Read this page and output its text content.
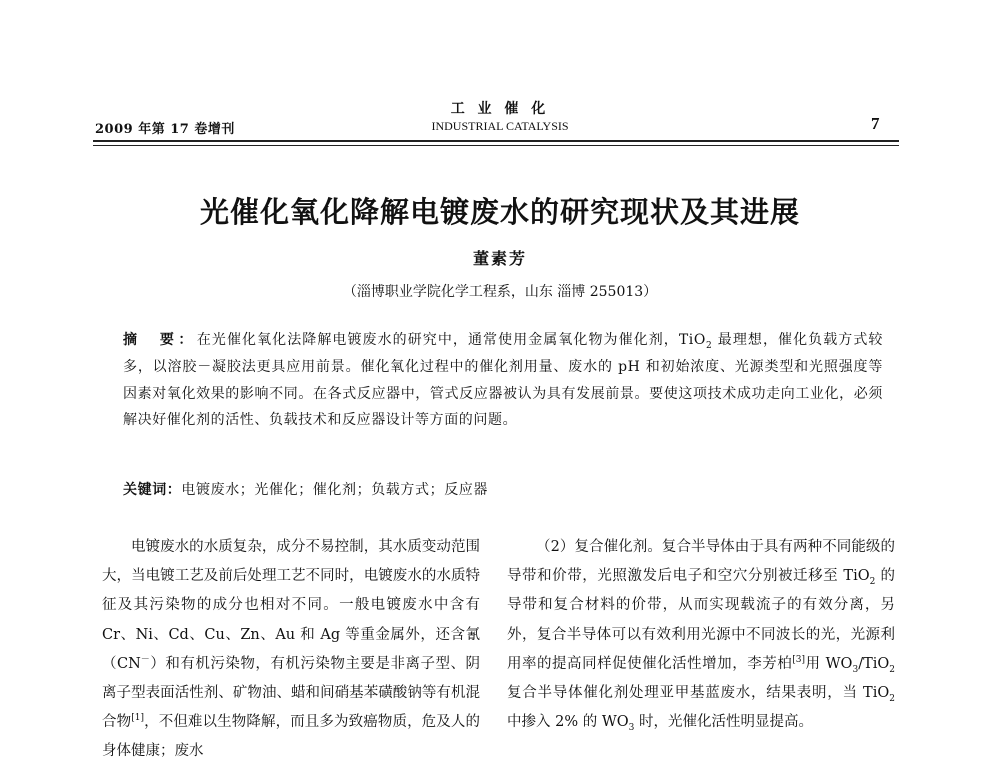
2009 年第 17 卷增刊
工 业 催 化
INDUSTRIAL CATALYSIS	7
光催化氧化降解电镀废水的研究现状及其进展
董素芳
（淄博职业学院化学工程系，山东 淄博 255013）
摘　要：在光催化氧化法降解电镀废水的研究中，通常使用金属氧化物为催化剂，TiO$_2$ 最理想，催化负载方式较多，以溶胶－凝胶法更具应用前景。催化氧化过程中的催化剂用量、废水的 pH 和初始浓度、光源类型和光照强度等因素对氧化效果的影响不同。在各式反应器中，管式反应器被认为具有发展前景。要使这项技术成功走向工业化，必须解决好催化剂的活性、负载技术和反应器设计等方面的问题。
关键词：电镀废水；光催化；催化剂；负载方式；反应器

电镀废水的水质复杂，成分不易控制，其水质变动范围大，当电镀工艺及前后处理工艺不同时，电镀废水的水质特征及其污染物的成分也相对不同。一般电镀废水中含有 Cr、Ni、Cd、Cu、Zn、Au 和 Ag 等重金属外，还含氰（CN－）和有机污染物，有机污染物主要是非离子型、阴离子型表面活性剂、矿物油、蜡和间硝基苯磺酸钠等有机混合物[1]，不但难以生物降解，而且多为致癌物质，危及人的身体健康；废水

（2）复合催化剂。复合半导体由于具有两种不同能级的导带和价带，光照激发后电子和空穴分别被迁移至 TiO$_2$ 的导带和复合材料的价带，从而实现载流子的有效分离，另外，复合半导体可以有效利用光源中不同波长的光，光源利用率的提高同样促使催化活性增加，李芳柏[3]用 $WO_3/TiO_2$ 复合半导体催化剂处理亚甲基蓝废水，结果表明，当 TiO$_2$ 中掺入 2% 的 $WO_3$ 时，光催化活性明显提高。
